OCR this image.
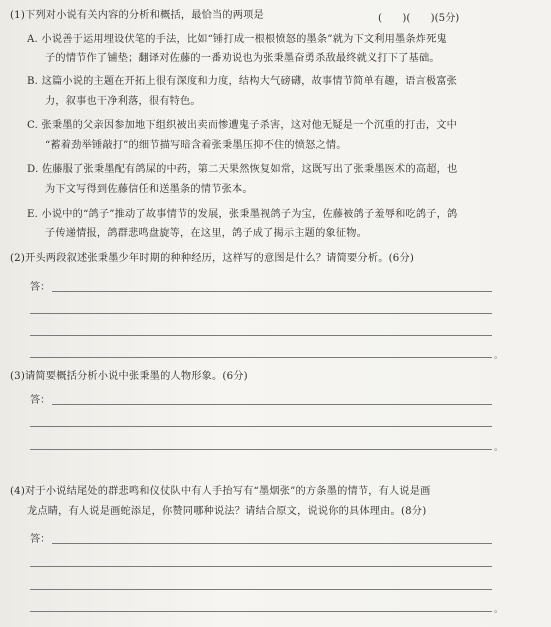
(1)下列对小说有关内容的分析和概括，最恰当的两项是	(　　)(　　)(5分)
A. 小说善于运用埋设伏笔的手法，比如“锤打成一根根愤怒的墨条”就为下文利用墨条炸死鬼
子的情节作了铺垫；翻译对佐藤的一番劝说也为张秉墨奋勇杀敌最终就义打下了基础。
B. 这篇小说的主题在开拓上很有深度和力度，结构大气磅礴，故事情节简单有趣，语言极富张
力，叙事也干净利落，很有特色。
C. 张秉墨的父亲因参加地下组织被出卖而惨遭鬼子杀害，这对他无疑是一个沉重的打击，文中
“蓄着劲举锤敲打”的细节描写暗含着张秉墨压抑不住的愤怒之情。
D. 佐藤服了张秉墨配有鸽屎的中药，第二天果然恢复如常，这既写出了张秉墨医术的高超，也
为下文写得到佐藤信任和送墨条的情节张本。
E. 小说中的“鸽子”推动了故事情节的发展，张秉墨视鸽子为宝，佐藤被鸽子羞辱和吃鸽子，鸽
子传递情报，鸽群悲鸣盘旋等，在这里，鸽子成了揭示主题的象征物。
(2)开头两段叙述张秉墨少年时期的种种经历，这样写的意图是什么？请简要分析。(6分)
答：
。
(3)请简要概括分析小说中张秉墨的人物形象。(6分)
答：
。
(4)对于小说结尾处的群悲鸣和仪仗队中有人手抬写有“墨烟张”的方条墨的情节，有人说是画
龙点睛，有人说是画蛇添足，你赞同哪种说法？请结合原文，说说你的具体理由。(8分)
答：
。
